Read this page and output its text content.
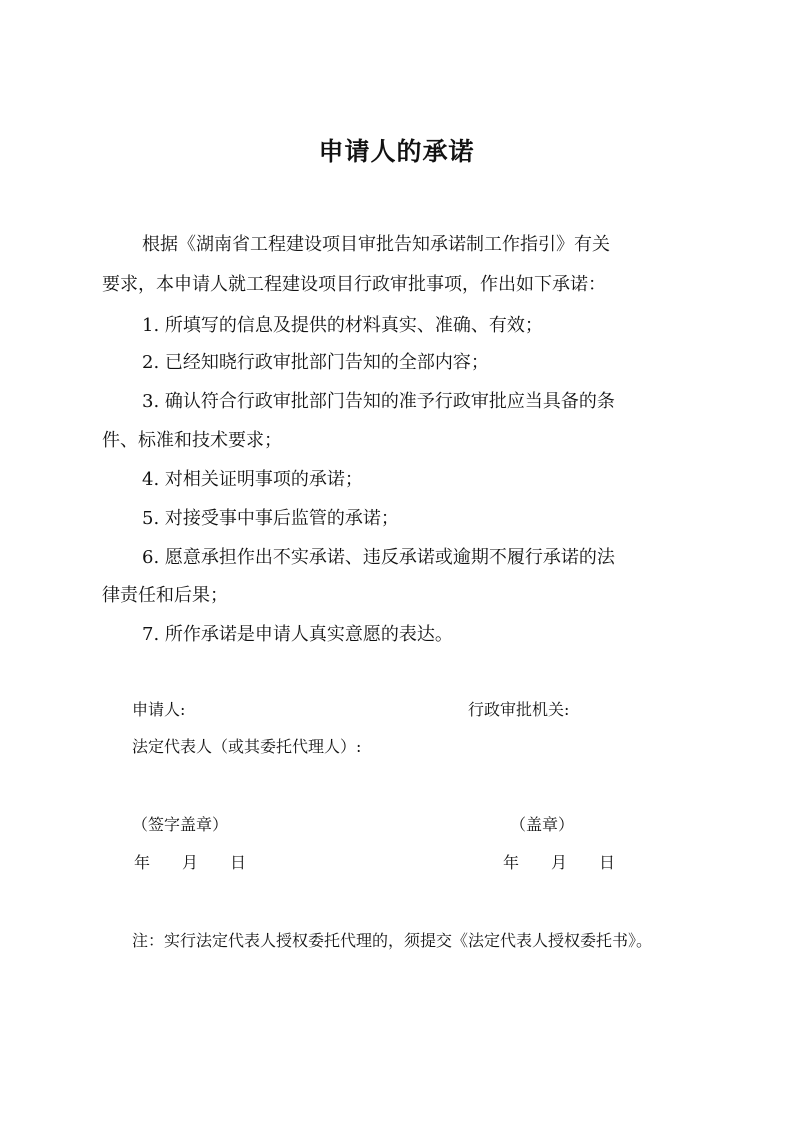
申请人的承诺
根据《湖南省工程建设项目审批告知承诺制工作指引》有关
要求，本申请人就工程建设项目行政审批事项，作出如下承诺：
1. 所填写的信息及提供的材料真实、准确、有效；
2. 已经知晓行政审批部门告知的全部内容；
3. 确认符合行政审批部门告知的准予行政审批应当具备的条
件、标准和技术要求；
4. 对相关证明事项的承诺；
5. 对接受事中事后监管的承诺；
6. 愿意承担作出不实承诺、违反承诺或逾期不履行承诺的法
律责任和后果；
7. 所作承诺是申请人真实意愿的表达。
申请人:	行政审批机关:
法定代表人（或其委托代理人）:
（签字盖章）	（盖章）
年　　月　　日	年　　月　　日
注：实行法定代表人授权委托代理的，须提交《法定代表人授权委托书》。
